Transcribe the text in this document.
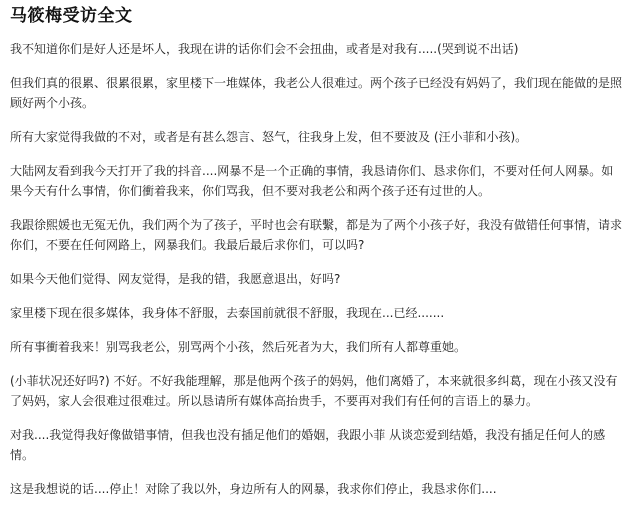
马筱梅受访全文

我不知道你们是好人还是坏人，我现在讲的话你们会不会扭曲，或者是对我有.....(哭到说不出话)

但我们真的很累、很累很累，家里楼下一堆媒体，我老公人很难过。两个孩子已经没有妈妈了，我们现在能做的是照顾好两个小孩。

所有大家觉得我做的不对，或者是有甚么怨言、怒气，往我身上发，但不要波及 (汪小菲和小孩)。

大陆网友看到我今天打开了我的抖音....网暴不是一个正确的事情，我恳请你们、恳求你们，不要对任何人网暴。如果今天有什么事情，你们衝着我来，你们骂我，但不要对我老公和两个孩子还有过世的人。

我跟徐熙媛也无冤无仇，我们两个为了孩子，平时也会有联繫，都是为了两个小孩子好，我没有做错任何事情，请求你们，不要在任何网路上，网暴我们。我最后最后求你们，可以吗?

如果今天他们觉得、网友觉得，是我的错，我愿意退出，好吗?

家里楼下现在很多媒体，我身体不舒服，去泰国前就很不舒服，我现在...已经.......

所有事衝着我来！别骂我老公，别骂两个小孩，然后死者为大，我们所有人都尊重她。

(小菲状况还好吗?) 不好。不好我能理解，那是他两个孩子的妈妈，他们离婚了，本来就很多纠葛，现在小孩又没有了妈妈，家人会很难过很难过。所以恳请所有媒体高抬贵手，不要再对我们有任何的言语上的暴力。

对我....我觉得我好像做错事情，但我也没有插足他们的婚姻，我跟小菲 从谈恋爱到结婚，我没有插足任何人的感情。

这是我想说的话....停止！对除了我以外，身边所有人的网暴，我求你们停止，我恳求你们....
